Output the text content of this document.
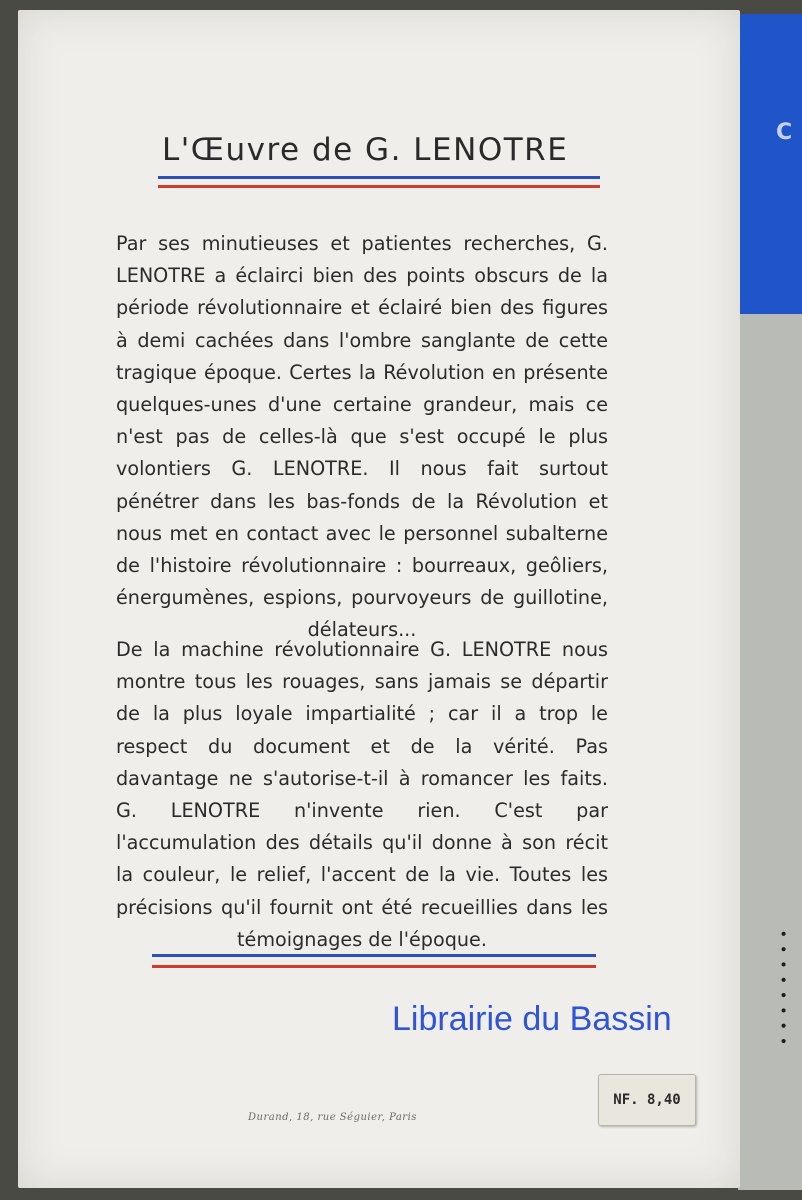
C
· · · · · · · ·
L'Œuvre de G. LENOTRE

Par ses minutieuses et patientes recherches, G. LENOTRE a éclairci bien des points obscurs de la période révolutionnaire et éclairé bien des figures à demi cachées dans l'ombre sanglante de cette tragique époque. Certes la Révolution en présente quelques-unes d'une certaine grandeur, mais ce n'est pas de celles-là que s'est occupé le plus volontiers G. LENOTRE. Il nous fait surtout pénétrer dans les bas-fonds de la Révolution et nous met en contact avec le personnel subalterne de l'histoire révolutionnaire : bourreaux, geôliers, énergumènes, espions, pourvoyeurs de guillotine, délateurs...

De la machine révolutionnaire G. LENOTRE nous montre tous les rouages, sans jamais se départir de la plus loyale impartialité ; car il a trop le respect du document et de la vérité. Pas davantage ne s'autorise-t-il à romancer les faits. G. LENOTRE n'invente rien. C'est par l'accumulation des détails qu'il donne à son récit la couleur, le relief, l'accent de la vie. Toutes les précisions qu'il fournit ont été recueillies dans les témoignages de l'époque.

Librairie du Bassin
NF. 8,40
Durand, 18, rue Séguier, Paris
